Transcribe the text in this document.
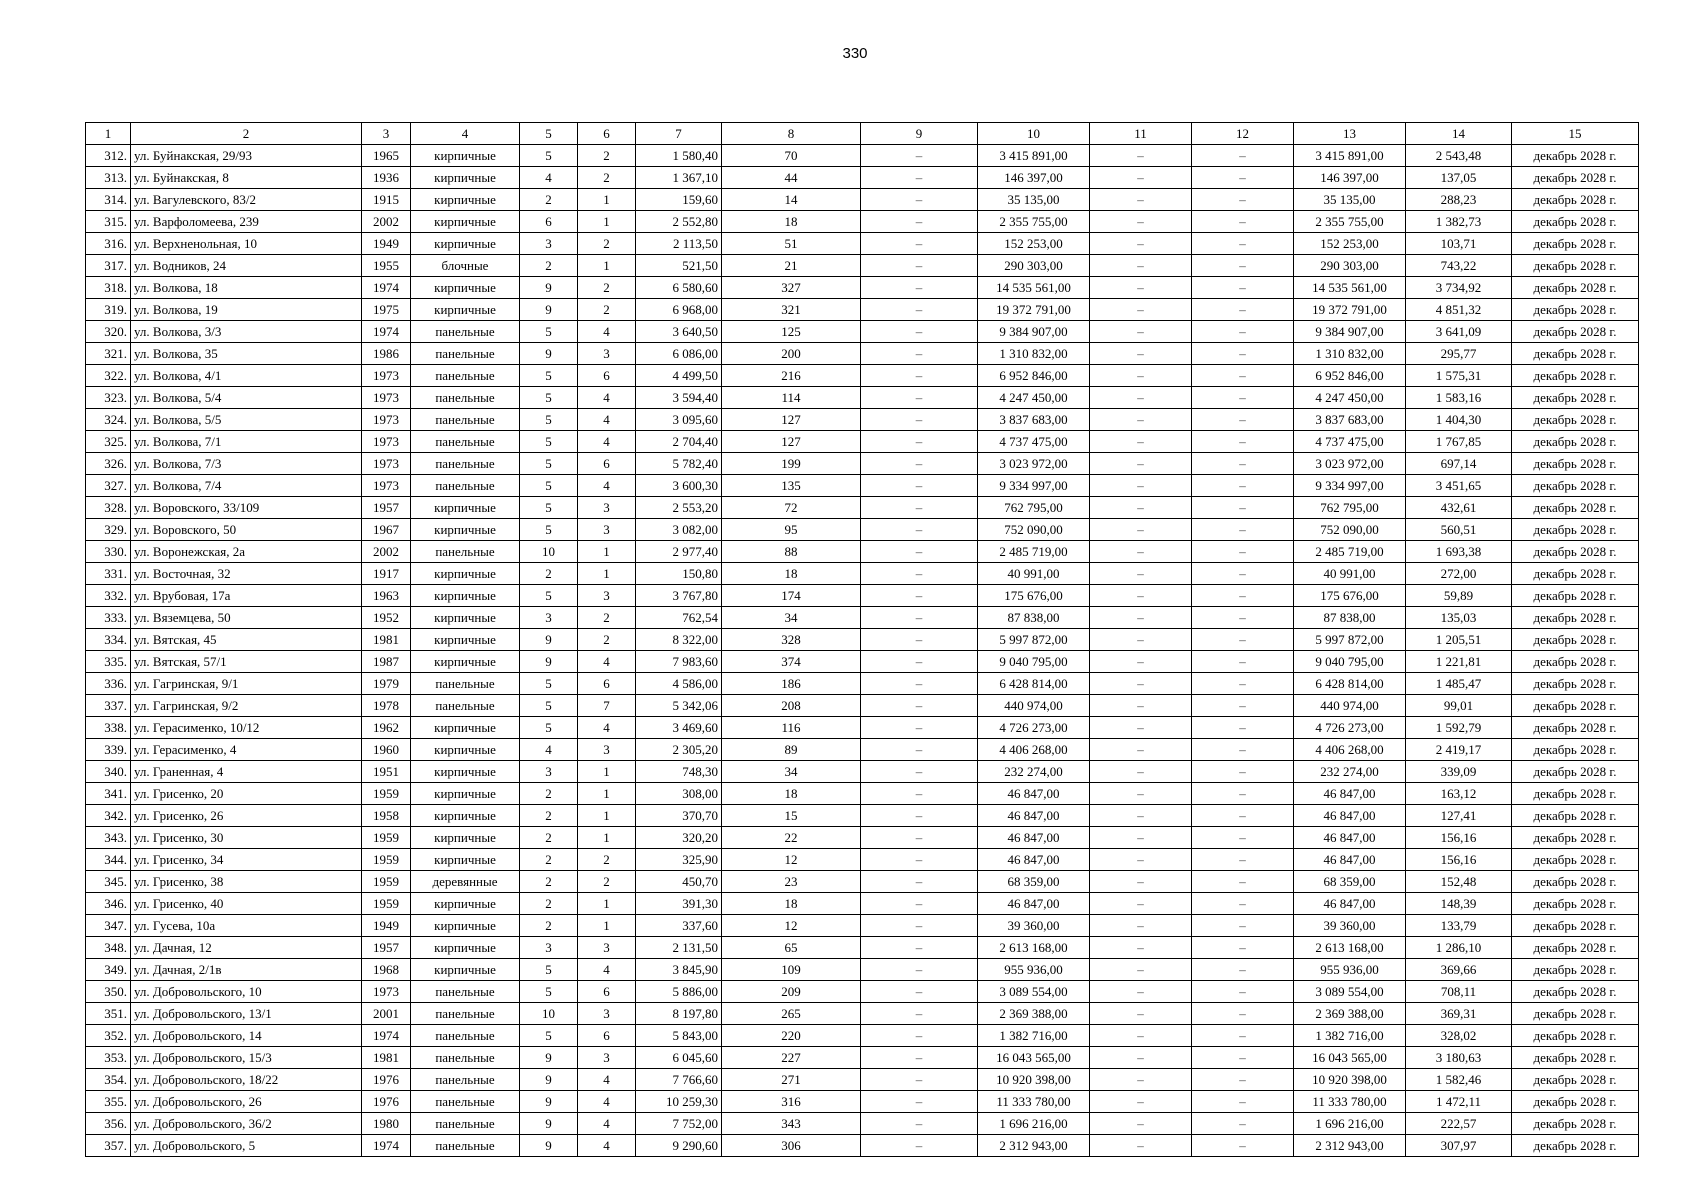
330
1	2	3	4	5	6	7	8	9	10	11	12	13	14	15
312.	ул. Буйнакская, 29/93	1965	кирпичные	5	2	1 580,40	70	–	3 415 891,00	–	–	3 415 891,00	2 543,48	декабрь 2028 г.
313.	ул. Буйнакская, 8	1936	кирпичные	4	2	1 367,10	44	–	146 397,00	–	–	146 397,00	137,05	декабрь 2028 г.
314.	ул. Вагулевского, 83/2	1915	кирпичные	2	1	159,60	14	–	35 135,00	–	–	35 135,00	288,23	декабрь 2028 г.
315.	ул. Варфоломеева, 239	2002	кирпичные	6	1	2 552,80	18	–	2 355 755,00	–	–	2 355 755,00	1 382,73	декабрь 2028 г.
316.	ул. Верхненольная, 10	1949	кирпичные	3	2	2 113,50	51	–	152 253,00	–	–	152 253,00	103,71	декабрь 2028 г.
317.	ул. Водников, 24	1955	блочные	2	1	521,50	21	–	290 303,00	–	–	290 303,00	743,22	декабрь 2028 г.
318.	ул. Волкова, 18	1974	кирпичные	9	2	6 580,60	327	–	14 535 561,00	–	–	14 535 561,00	3 734,92	декабрь 2028 г.
319.	ул. Волкова, 19	1975	кирпичные	9	2	6 968,00	321	–	19 372 791,00	–	–	19 372 791,00	4 851,32	декабрь 2028 г.
320.	ул. Волкова, 3/3	1974	панельные	5	4	3 640,50	125	–	9 384 907,00	–	–	9 384 907,00	3 641,09	декабрь 2028 г.
321.	ул. Волкова, 35	1986	панельные	9	3	6 086,00	200	–	1 310 832,00	–	–	1 310 832,00	295,77	декабрь 2028 г.
322.	ул. Волкова, 4/1	1973	панельные	5	6	4 499,50	216	–	6 952 846,00	–	–	6 952 846,00	1 575,31	декабрь 2028 г.
323.	ул. Волкова, 5/4	1973	панельные	5	4	3 594,40	114	–	4 247 450,00	–	–	4 247 450,00	1 583,16	декабрь 2028 г.
324.	ул. Волкова, 5/5	1973	панельные	5	4	3 095,60	127	–	3 837 683,00	–	–	3 837 683,00	1 404,30	декабрь 2028 г.
325.	ул. Волкова, 7/1	1973	панельные	5	4	2 704,40	127	–	4 737 475,00	–	–	4 737 475,00	1 767,85	декабрь 2028 г.
326.	ул. Волкова, 7/3	1973	панельные	5	6	5 782,40	199	–	3 023 972,00	–	–	3 023 972,00	697,14	декабрь 2028 г.
327.	ул. Волкова, 7/4	1973	панельные	5	4	3 600,30	135	–	9 334 997,00	–	–	9 334 997,00	3 451,65	декабрь 2028 г.
328.	ул. Воровского, 33/109	1957	кирпичные	5	3	2 553,20	72	–	762 795,00	–	–	762 795,00	432,61	декабрь 2028 г.
329.	ул. Воровского, 50	1967	кирпичные	5	3	3 082,00	95	–	752 090,00	–	–	752 090,00	560,51	декабрь 2028 г.
330.	ул. Воронежская, 2а	2002	панельные	10	1	2 977,40	88	–	2 485 719,00	–	–	2 485 719,00	1 693,38	декабрь 2028 г.
331.	ул. Восточная, 32	1917	кирпичные	2	1	150,80	18	–	40 991,00	–	–	40 991,00	272,00	декабрь 2028 г.
332.	ул. Врубовая, 17а	1963	кирпичные	5	3	3 767,80	174	–	175 676,00	–	–	175 676,00	59,89	декабрь 2028 г.
333.	ул. Вяземцева, 50	1952	кирпичные	3	2	762,54	34	–	87 838,00	–	–	87 838,00	135,03	декабрь 2028 г.
334.	ул. Вятская, 45	1981	кирпичные	9	2	8 322,00	328	–	5 997 872,00	–	–	5 997 872,00	1 205,51	декабрь 2028 г.
335.	ул. Вятская, 57/1	1987	кирпичные	9	4	7 983,60	374	–	9 040 795,00	–	–	9 040 795,00	1 221,81	декабрь 2028 г.
336.	ул. Гагринская, 9/1	1979	панельные	5	6	4 586,00	186	–	6 428 814,00	–	–	6 428 814,00	1 485,47	декабрь 2028 г.
337.	ул. Гагринская, 9/2	1978	панельные	5	7	5 342,06	208	–	440 974,00	–	–	440 974,00	99,01	декабрь 2028 г.
338.	ул. Герасименко, 10/12	1962	кирпичные	5	4	3 469,60	116	–	4 726 273,00	–	–	4 726 273,00	1 592,79	декабрь 2028 г.
339.	ул. Герасименко, 4	1960	кирпичные	4	3	2 305,20	89	–	4 406 268,00	–	–	4 406 268,00	2 419,17	декабрь 2028 г.
340.	ул. Граненная, 4	1951	кирпичные	3	1	748,30	34	–	232 274,00	–	–	232 274,00	339,09	декабрь 2028 г.
341.	ул. Грисенко, 20	1959	кирпичные	2	1	308,00	18	–	46 847,00	–	–	46 847,00	163,12	декабрь 2028 г.
342.	ул. Грисенко, 26	1958	кирпичные	2	1	370,70	15	–	46 847,00	–	–	46 847,00	127,41	декабрь 2028 г.
343.	ул. Грисенко, 30	1959	кирпичные	2	1	320,20	22	–	46 847,00	–	–	46 847,00	156,16	декабрь 2028 г.
344.	ул. Грисенко, 34	1959	кирпичные	2	2	325,90	12	–	46 847,00	–	–	46 847,00	156,16	декабрь 2028 г.
345.	ул. Грисенко, 38	1959	деревянные	2	2	450,70	23	–	68 359,00	–	–	68 359,00	152,48	декабрь 2028 г.
346.	ул. Грисенко, 40	1959	кирпичные	2	1	391,30	18	–	46 847,00	–	–	46 847,00	148,39	декабрь 2028 г.
347.	ул. Гусева, 10а	1949	кирпичные	2	1	337,60	12	–	39 360,00	–	–	39 360,00	133,79	декабрь 2028 г.
348.	ул. Дачная, 12	1957	кирпичные	3	3	2 131,50	65	–	2 613 168,00	–	–	2 613 168,00	1 286,10	декабрь 2028 г.
349.	ул. Дачная, 2/1в	1968	кирпичные	5	4	3 845,90	109	–	955 936,00	–	–	955 936,00	369,66	декабрь 2028 г.
350.	ул. Добровольского, 10	1973	панельные	5	6	5 886,00	209	–	3 089 554,00	–	–	3 089 554,00	708,11	декабрь 2028 г.
351.	ул. Добровольского, 13/1	2001	панельные	10	3	8 197,80	265	–	2 369 388,00	–	–	2 369 388,00	369,31	декабрь 2028 г.
352.	ул. Добровольского, 14	1974	панельные	5	6	5 843,00	220	–	1 382 716,00	–	–	1 382 716,00	328,02	декабрь 2028 г.
353.	ул. Добровольского, 15/3	1981	панельные	9	3	6 045,60	227	–	16 043 565,00	–	–	16 043 565,00	3 180,63	декабрь 2028 г.
354.	ул. Добровольского, 18/22	1976	панельные	9	4	7 766,60	271	–	10 920 398,00	–	–	10 920 398,00	1 582,46	декабрь 2028 г.
355.	ул. Добровольского, 26	1976	панельные	9	4	10 259,30	316	–	11 333 780,00	–	–	11 333 780,00	1 472,11	декабрь 2028 г.
356.	ул. Добровольского, 36/2	1980	панельные	9	4	7 752,00	343	–	1 696 216,00	–	–	1 696 216,00	222,57	декабрь 2028 г.
357.	ул. Добровольского, 5	1974	панельные	9	4	9 290,60	306	–	2 312 943,00	–	–	2 312 943,00	307,97	декабрь 2028 г.
